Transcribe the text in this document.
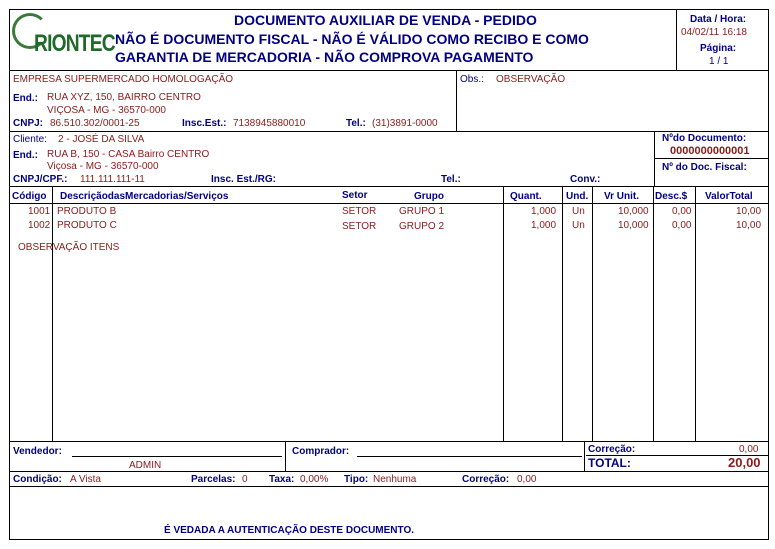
RIONTEC
DOCUMENTO AUXILIAR DE VENDA - PEDIDO
NÃO É DOCUMENTO FISCAL - NÃO É VÁLIDO COMO RECIBO E COMO
GARANTIA DE MERCADORIA - NÃO COMPROVA PAGAMENTO
Data / Hora:
04/02/11 16:18
Página:
1 / 1
EMPRESA SUPERMERCADO HOMOLOGAÇÃO
End.: RUA XYZ, 150, BAIRRO CENTRO
VIÇOSA - MG - 36570-000
CNPJ: 86.510.302/0001-25	Insc.Est.: 7138945880010	Tel.: (31)3891-0000
Obs.: OBSERVAÇÃO
Cliente: 2 - JOSÉ DA SILVA
End.: RUA B, 150 - CASA Bairro CENTRO
Viçosa - MG - 36570-000
CNPJ/CPF.: 111.111.111-11	Insc. Est./RG:	Tel.:	Conv.:
Nºdo Documento:
0000000000001
Nº do Doc. Fiscal:
Código DescriçãodasMercadorias/Serviços	Setor	Grupo	Quant. Und. Vr Unit. Desc.$ ValorTotal
1001 PRODUTO B	SETOR GRUPO 1	1,000 Un	10,000 0,00	10,00
1002 PRODUTO C	SETOR GRUPO 2	1,000 Un	10,000 0,00	10,00
OBSERVAÇÃO ITENS
Vendedor:
ADMIN
Comprador:	Correção:	0,00
TOTAL:	20,00
Condição: A Vista	Parcelas: 0 Taxa: 0,00% Tipo: Nenhuma	Correção: 0,00
É VEDADA A AUTENTICAÇÃO DESTE DOCUMENTO.
